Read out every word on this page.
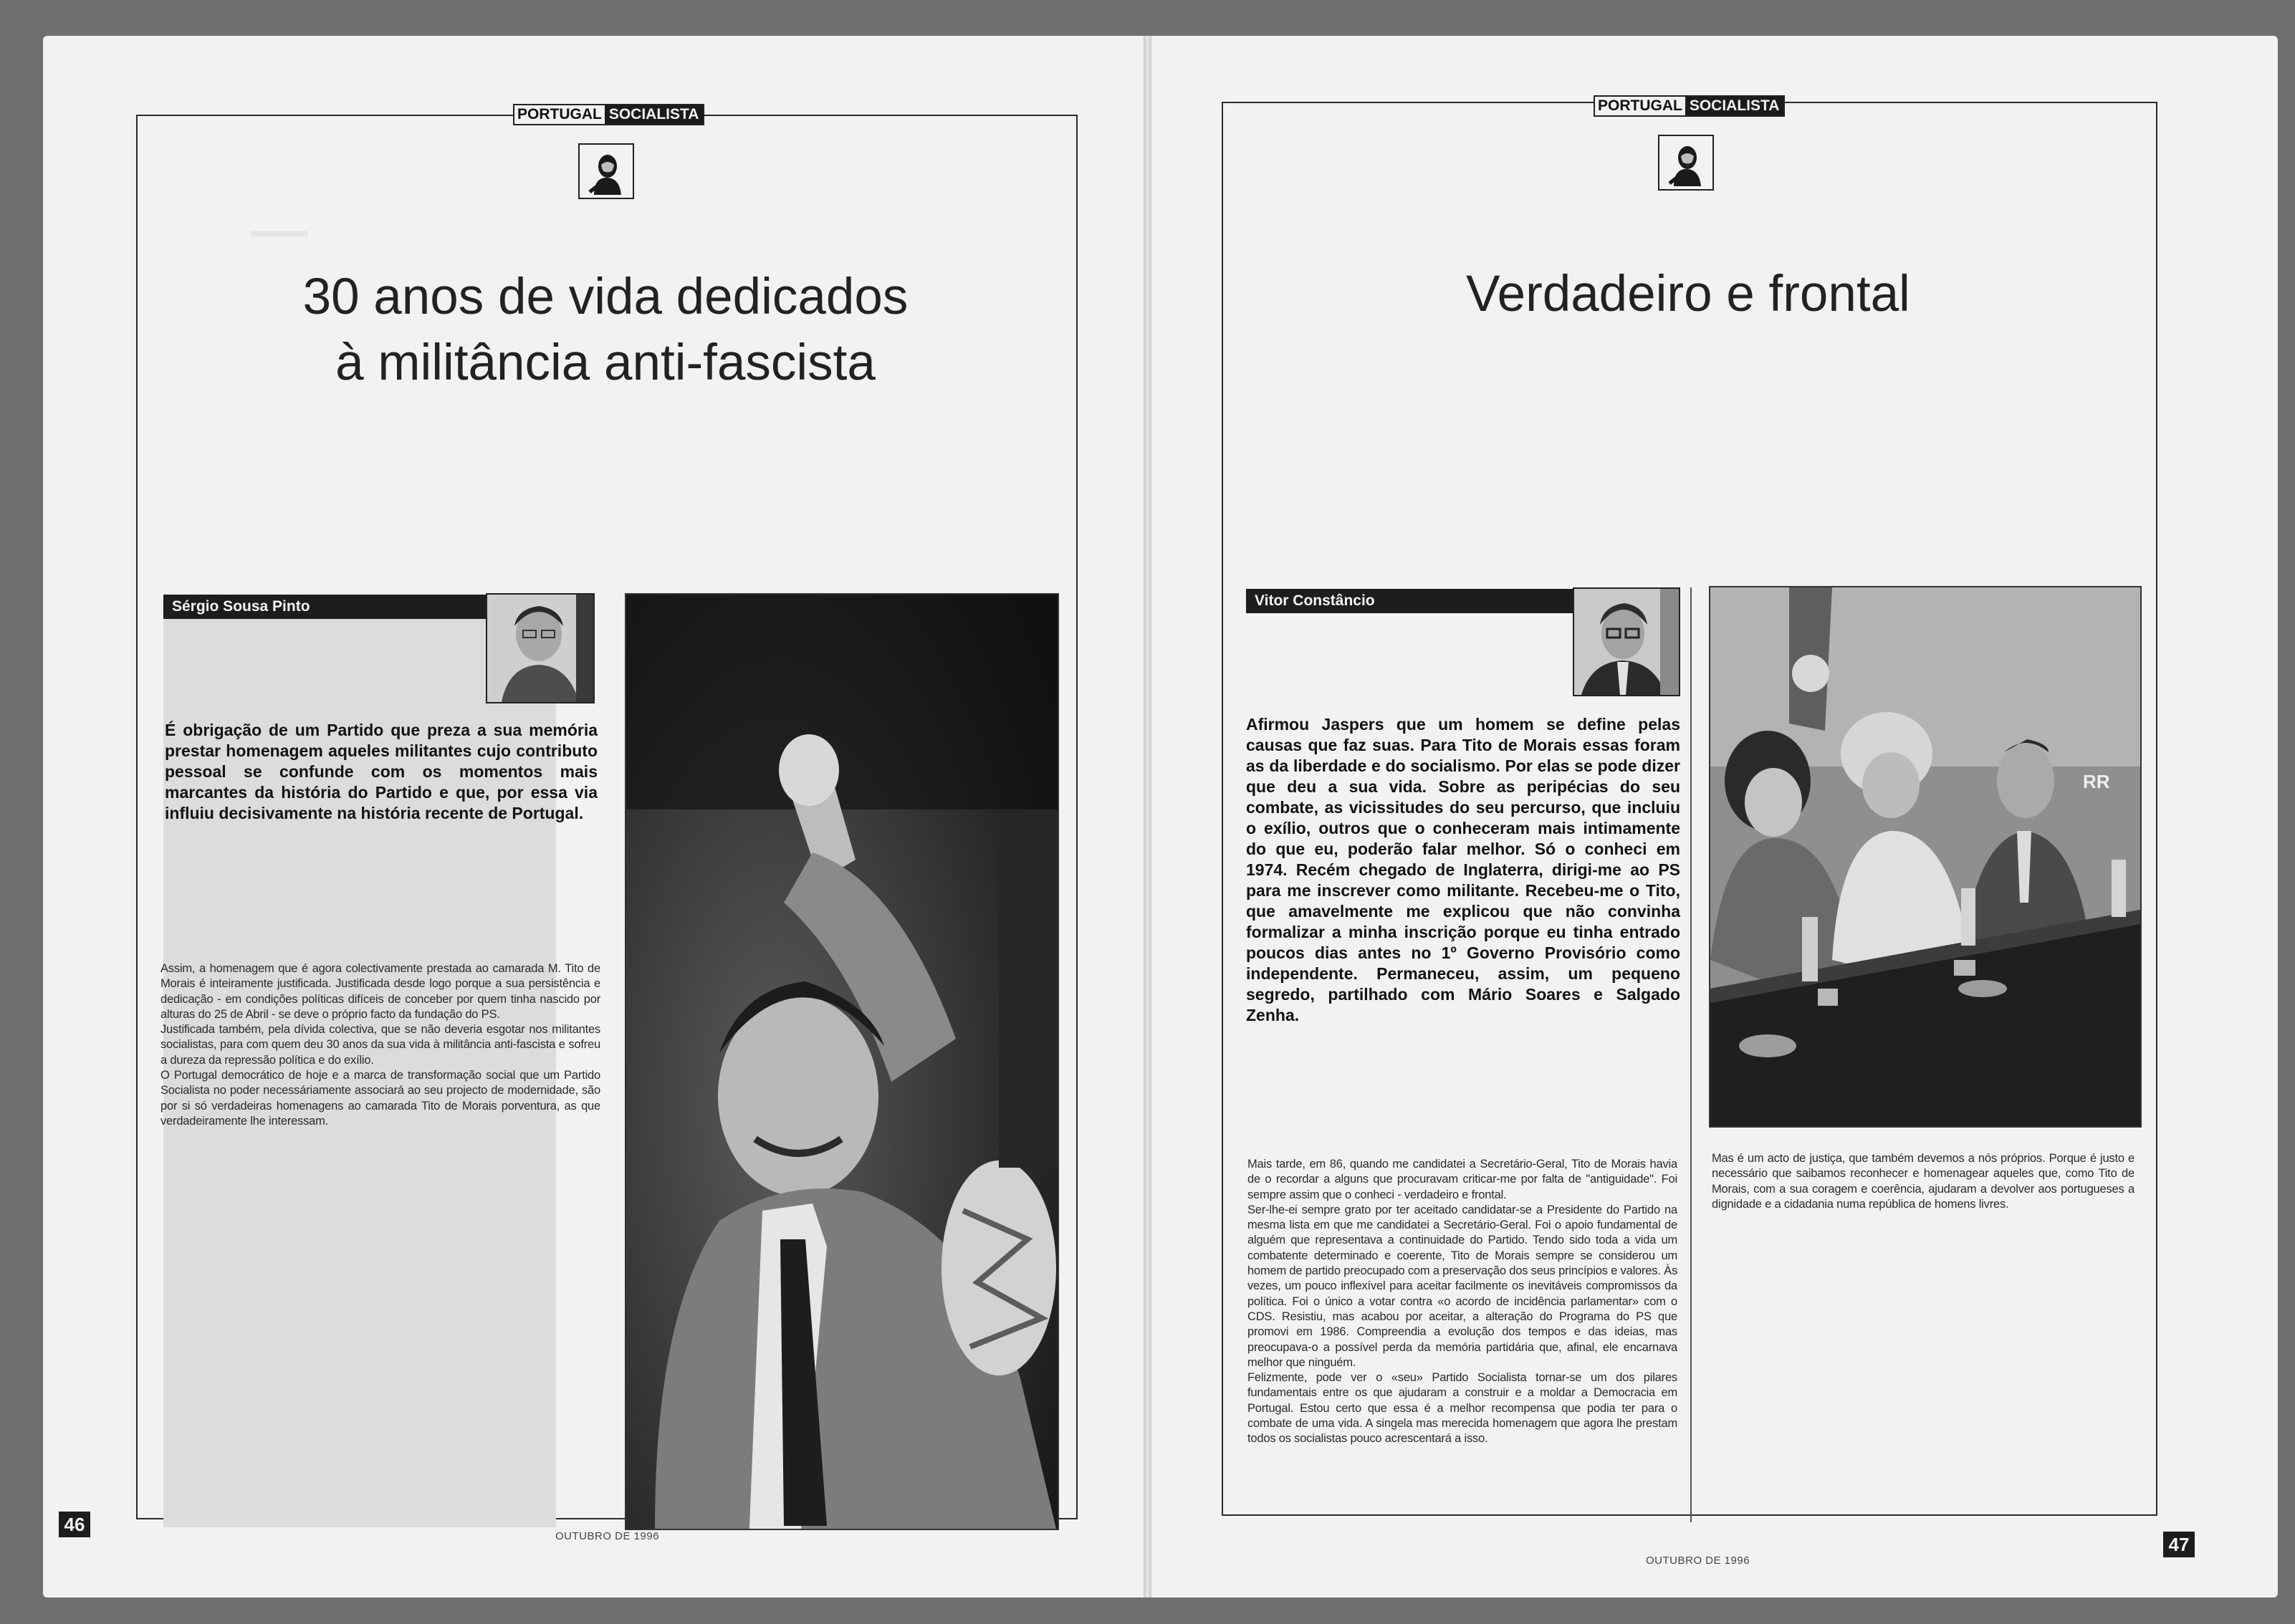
PORTUGAL SOCIALISTA
—
30 anos de vida dedicados
à militância anti-fascista
Sérgio Sousa Pinto
É obrigação de um Partido que preza a sua memória prestar homenagem aqueles militantes cujo contributo pessoal se confunde com os momentos mais marcantes da história do Partido e que, por essa via influiu decisivamente na história recente de Portugal.

Assim, a homenagem que é agora colectivamente prestada ao camarada M. Tito de Morais é inteiramente justificada. Justificada desde logo porque a sua persistência e dedicação - em condições políticas difíceis de conceber por quem tinha nascido por alturas do 25 de Abril - se deve o próprio facto da fundação do PS.

Justificada também, pela dívida colectiva, que se não deveria esgotar nos militantes socialistas, para com quem deu 30 anos da sua vida à militância anti-fascista e sofreu a dureza da repressão política e do exílio.

O Portugal democrático de hoje e a marca de transformação social que um Partido Socialista no poder necessáriamente associará ao seu projecto de modernidade, são por si só verdadeiras homenagens ao camarada Tito de Morais porventura, as que verdadeiramente lhe interessam.

46
OUTUBRO DE 1996
PORTUGAL SOCIALISTA
Verdadeiro e frontal
Vitor Constâncio
Afirmou Jaspers que um homem se define pelas causas que faz suas. Para Tito de Morais essas foram as da liberdade e do socialismo. Por elas se pode dizer que deu a sua vida. Sobre as peripécias do seu combate, as vicissitudes do seu percurso, que incluiu o exílio, outros que o conheceram mais intimamente do que eu, poderão falar melhor. Só o conheci em 1974. Recém chegado de Inglaterra, dirigi-me ao PS para me inscrever como militante. Recebeu-me o Tito, que amavelmente me explicou que não convinha formalizar a minha inscrição porque eu tinha entrado poucos dias antes no 1º Governo Provisório como independente. Permaneceu, assim, um pequeno segredo, partilhado com Mário Soares e Salgado Zenha.
RR

Mais tarde, em 86, quando me candidatei a Secretário-Geral, Tito de Morais havia de o recordar a alguns que procuravam criticar-me por falta de "antiguidade". Foi sempre assim que o conheci - verdadeiro e frontal.

Ser-lhe-ei sempre grato por ter aceitado candidatar-se a Presidente do Partido na mesma lista em que me candidatei a Secretário-Geral. Foi o apoio fundamental de alguém que representava a continuidade do Partido. Tendo sido toda a vida um combatente determinado e coerente, Tito de Morais sempre se considerou um homem de partido preocupado com a preservação dos seus princípios e valores. Às vezes, um pouco inflexível para aceitar facilmente os inevitáveis compromissos da política. Foi o único a votar contra «o acordo de incidência parlamentar» com o CDS. Resistiu, mas acabou por aceitar, a alteração do Programa do PS que promovi em 1986. Compreendia a evolução dos tempos e das ideias, mas preocupava-o a possível perda da memória partidária que, afinal, ele encarnava melhor que ninguém.

Felizmente, pode ver o «seu» Partido Socialista tornar-se um dos pilares fundamentais entre os que ajudaram a construir e a moldar a Democracia em Portugal. Estou certo que essa é a melhor recompensa que podia ter para o combate de uma vida. A singela mas merecida homenagem que agora lhe prestam todos os socialistas pouco acrescentará a isso.

Mas é um acto de justiça, que também devemos a nós próprios. Porque é justo e necessário que saibamos reconhecer e homenagear aqueles que, como Tito de Morais, com a sua coragem e coerência, ajudaram a devolver aos portugueses a dignidade e a cidadania numa república de homens livres.

47
OUTUBRO DE 1996
